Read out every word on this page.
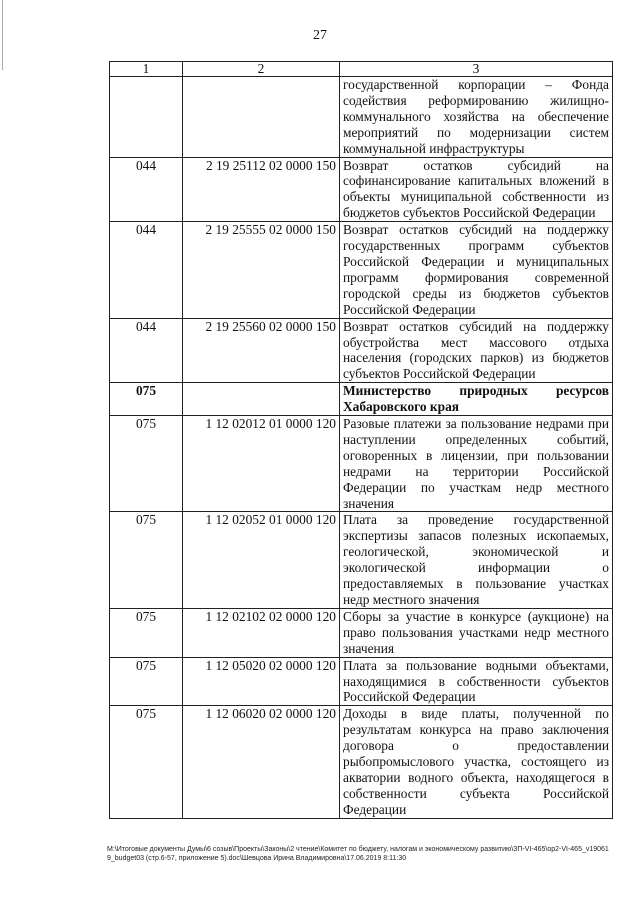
27
1	2	3
		государственной корпорации – Фонда содействия реформированию жилищно-коммунального хозяйства на обеспечение мероприятий по модернизации систем коммунальной инфраструктуры
044	2 19 25112 02 0000 150	Возврат остатков субсидий на софинансирование капитальных вложений в объекты муниципальной собственности из бюджетов субъектов Российской Федерации
044	2 19 25555 02 0000 150	Возврат остатков субсидий на поддержку государственных программ субъектов Российской Федерации и муниципальных программ формирования современной городской среды из бюджетов субъектов Российской Федерации
044	2 19 25560 02 0000 150	Возврат остатков субсидий на поддержку обустройства мест массового отдыха населения (городских парков) из бюджетов субъектов Российской Федерации
075		Министерство природных ресурсов Хабаровского края
075	1 12 02012 01 0000 120	Разовые платежи за пользование недрами при наступлении определенных событий, оговоренных в лицензии, при пользовании недрами на территории Российской Федерации по участкам недр местного значения
075	1 12 02052 01 0000 120	Плата за проведение государственной экспертизы запасов полезных ископаемых, геологической, экономической и экологической информации о предоставляемых в пользование участках недр местного значения
075	1 12 02102 02 0000 120	Сборы за участие в конкурсе (аукционе) на право пользования участками недр местного значения
075	1 12 05020 02 0000 120	Плата за пользование водными объектами, находящимися в собственности субъектов Российской Федерации
075	1 12 06020 02 0000 120	Доходы в виде платы, полученной по результатам конкурса на право заключения договора о предоставлении рыбопромыслового участка, состоящего из акватории водного объекта, находящегося в собственности субъекта Российской Федерации
M:\Итоговые документы Думы\6 созыв\Проекты\Законы\2 чтение\Комитет по бюджету, налогам и экономическому развитию\ЗП-VI-465\ор2-VI-465_v190619_budget03 (стр.6-57, приложение 5).doc\Шевцова Ирина Владимировна\17.06.2019 8:11:30
